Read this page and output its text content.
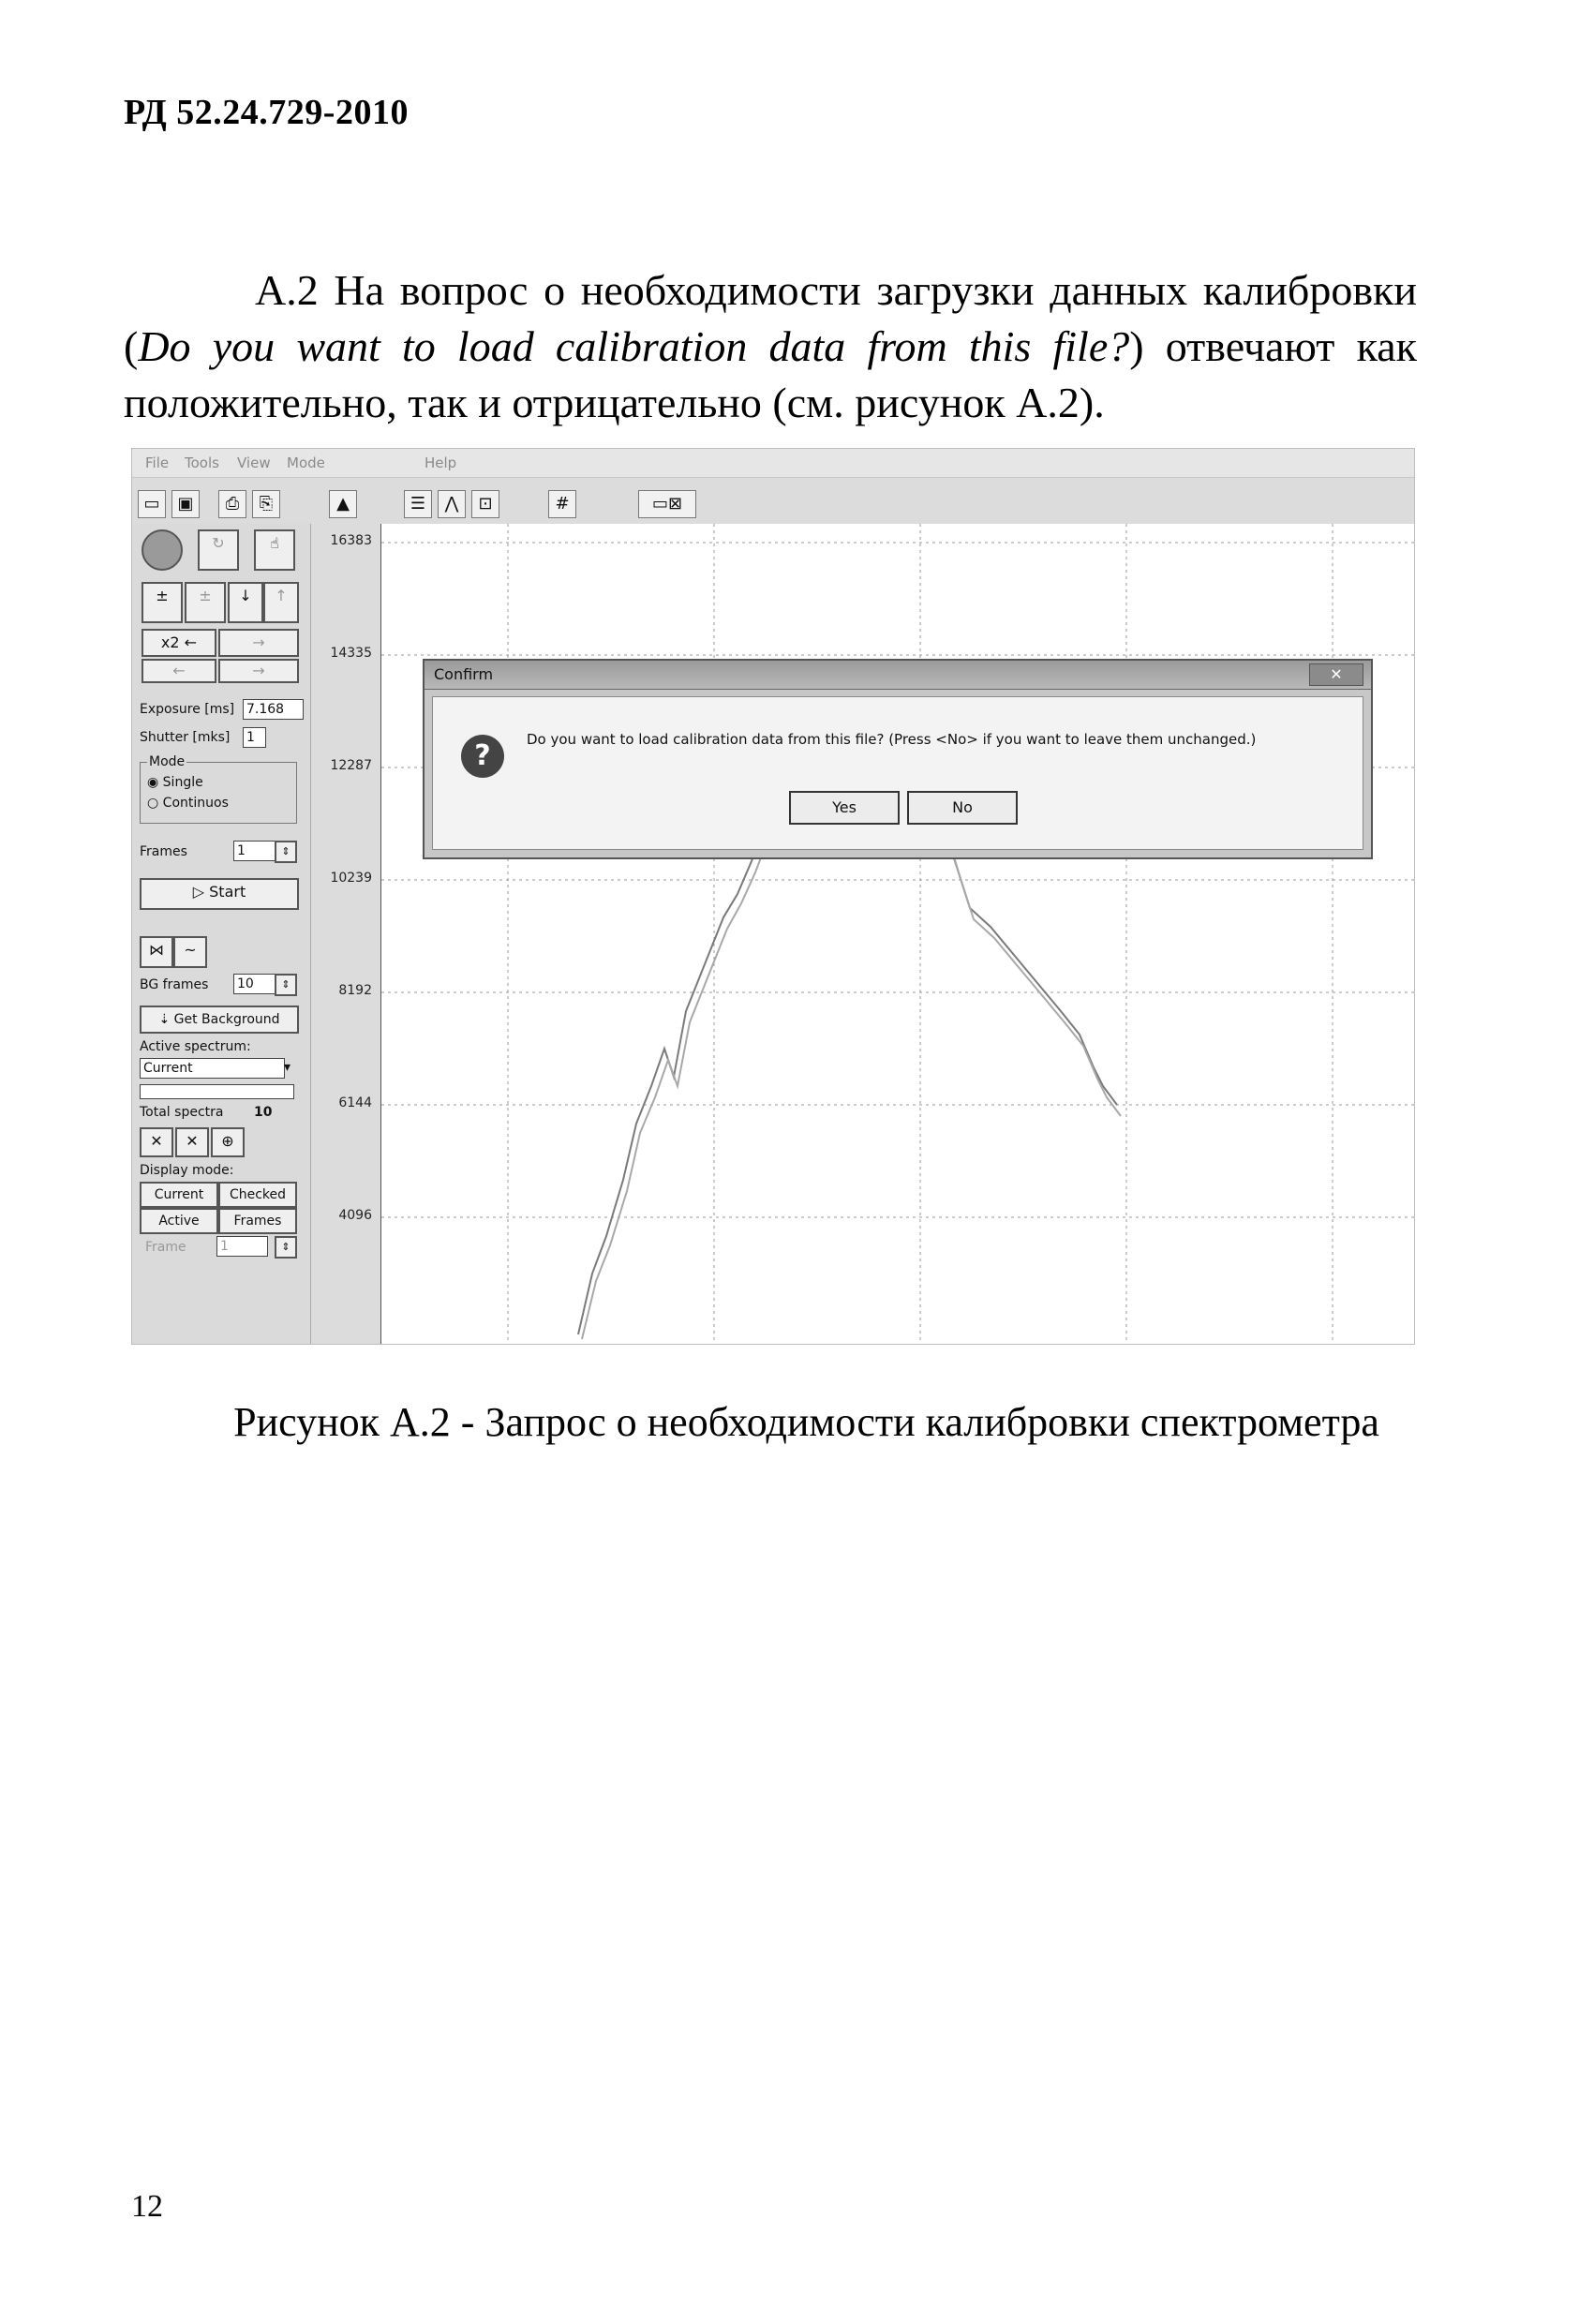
РД 52.24.729-2010
А.2 На вопрос о необходимости загрузки данных калибровки (Do you want to load calibration data from this file?) отвечают как положительно, так и отрицательно (см. рисунок А.2).
File Tools View Mode	Help
▭	▣	⎙	⎘	▲	☰	⋀	⊡	#	▭⊠
↻	☝
±	±	↓	↑
x2 ←	→
←	→
Exposure [ms] 7.168
Shutter [mks] 1
Mode
◉ Single
○ Continuos
Frames	1	⇕
▷ Start
⋈	~
BG frames 10	⇕
⇣ Get Background
Active spectrum:
Current	▾
Total spectra 10
✕	✕	⊕
Display mode:
Current	Checked
Active	Frames
Frame	1	⇕
16383
14335
12287
10239
8192
6144
4096
Confirm	✕
?	Do you want to load calibration data from this file? (Press <No> if you want to leave them unchanged.)
Yes	No
Рисунок А.2 - Запрос о необходимости калибровки спектрометра
12
